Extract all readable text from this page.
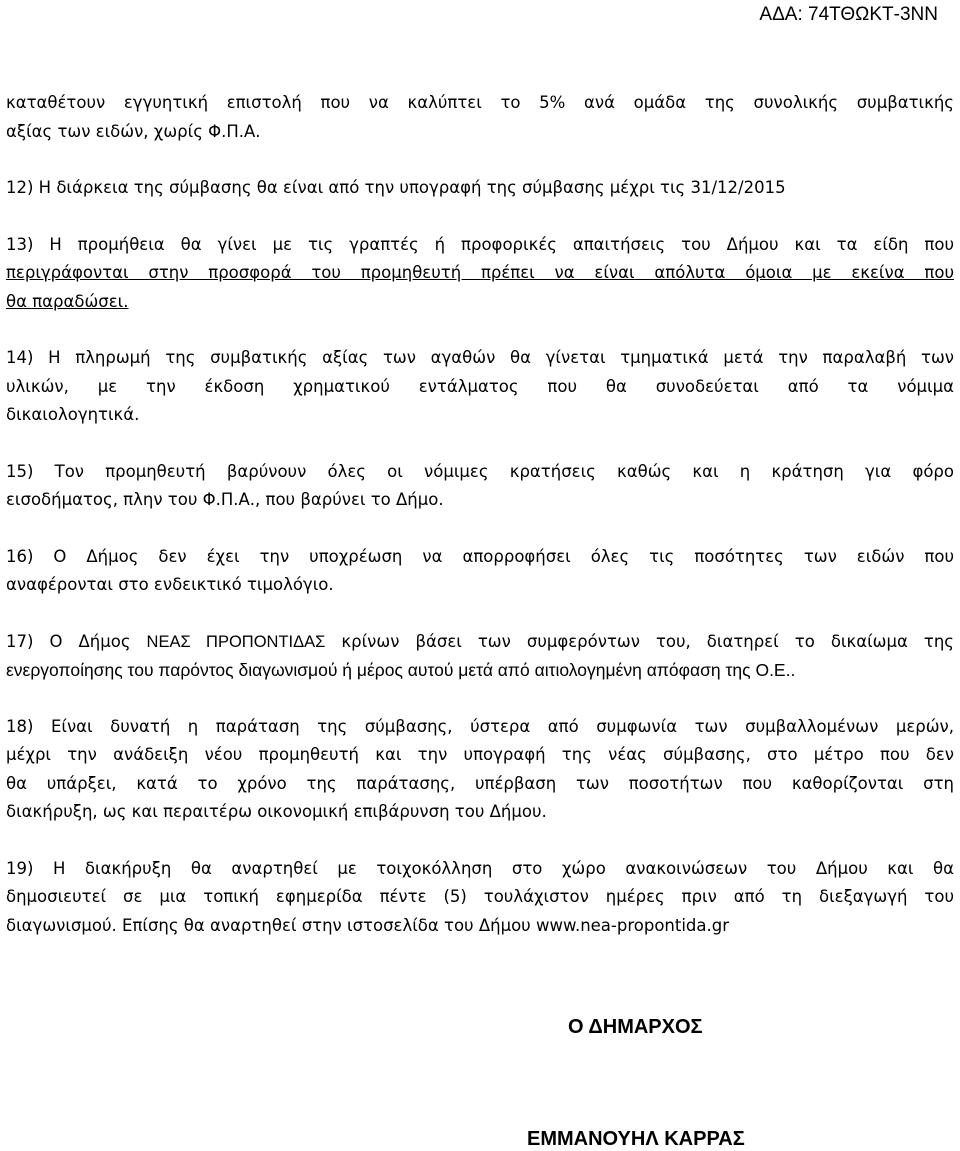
ΑΔΑ: 74ΤΘΩΚΤ-3ΝΝ

καταθέτουν εγγυητική επιστολή που να καλύπτει το 5% ανά ομάδα της συνολικής συμβατικής

αξίας των ειδών, χωρίς Φ.Π.Α.

12) Η διάρκεια της σύμβασης θα είναι από την υπογραφή της σύμβασης μέχρι τις 31/12/2015

13) Η προμήθεια θα γίνει με τις γραπτές ή προφορικές απαιτήσεις του Δήμου και τα είδη που

περιγράφονται στην προσφορά του προμηθευτή πρέπει να είναι απόλυτα όμοια με εκείνα που

θα παραδώσει.

14) Η πληρωμή της συμβατικής αξίας των αγαθών θα γίνεται τμηματικά μετά την παραλαβή των

υλικών, με την έκδοση χρηματικού εντάλματος που θα συνοδεύεται από τα νόμιμα

δικαιολογητικά.

15) Τον προμηθευτή βαρύνουν όλες οι νόμιμες κρατήσεις καθώς και η κράτηση για φόρο

εισοδήματος, πλην του Φ.Π.Α., που βαρύνει το Δήμο.

16) Ο Δήμος δεν έχει την υποχρέωση να απορροφήσει όλες τις ποσότητες των ειδών που

αναφέρονται στο ενδεικτικό τιμολόγιο.

17) Ο Δήμος ΝΕΑΣ ΠΡΟΠΟΝΤΙΔΑΣ κρίνων βάσει των συμφερόντων του, διατηρεί το δικαίωμα της

ενεργοποίησης του παρόντος διαγωνισμού ή μέρος αυτού μετά από αιτιολογημένη απόφαση της Ο.Ε..

18) Είναι δυνατή η παράταση της σύμβασης, ύστερα από συμφωνία των συμβαλλομένων μερών,

μέχρι την ανάδειξη νέου προμηθευτή και την υπογραφή της νέας σύμβασης, στο μέτρο που δεν

θα υπάρξει, κατά το χρόνο της παράτασης, υπέρβαση των ποσοτήτων που καθορίζονται στη

διακήρυξη, ως και περαιτέρω οικονομική επιβάρυνση του Δήμου.

19) Η διακήρυξη θα αναρτηθεί με τοιχοκόλληση στο χώρο ανακοινώσεων του Δήμου και θα

δημοσιευτεί σε μια τοπική εφημερίδα πέντε (5) τουλάχιστον ημέρες πριν από τη διεξαγωγή του

διαγωνισμού. Επίσης θα αναρτηθεί στην ιστοσελίδα του Δήμου www.nea-propontida.gr

Ο ΔΗΜΑΡΧΟΣ
ΕΜΜΑΝΟΥΗΛ ΚΑΡΡΑΣ
